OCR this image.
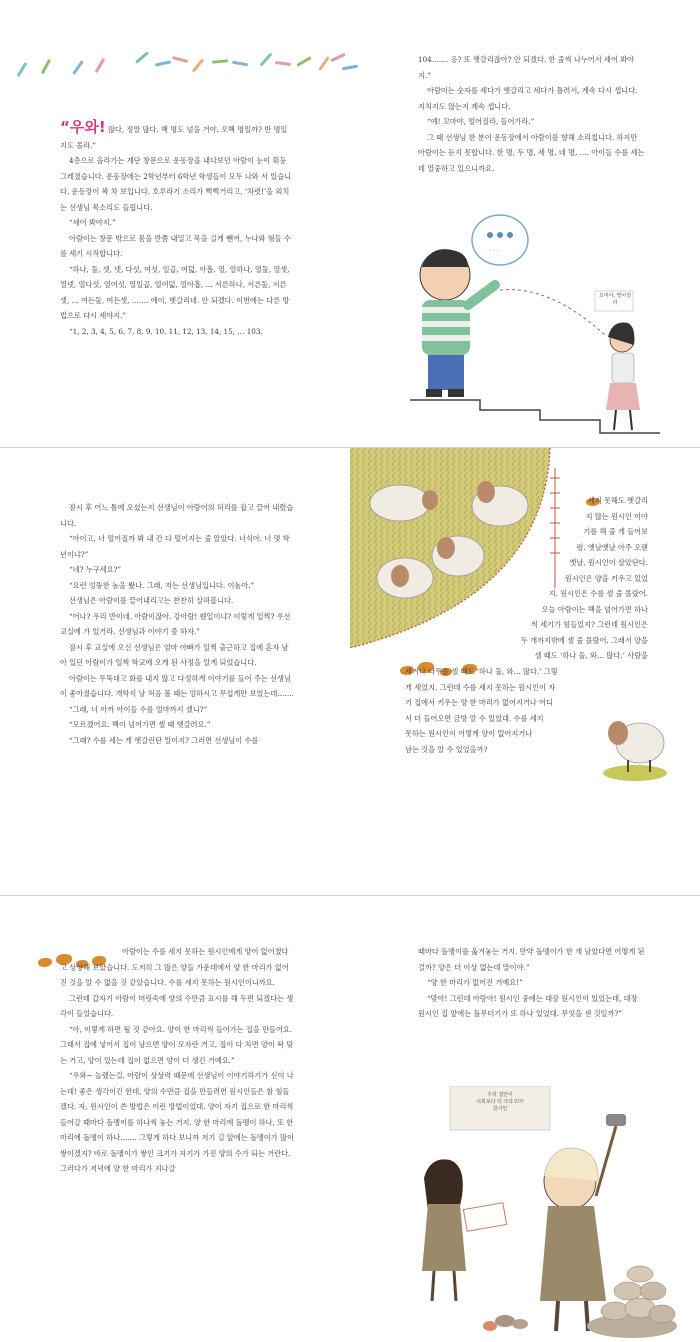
“우와! 많다, 정말 많다. 백 명도 넘을 거야. 오백 명일까? 반 명일지도 몰라.”

4층으로 올라가는 계단 창문으로 운동장을 내다보던 아람이 눈이 휘둥그레졌습니다. 운동장에는 2학년부터 6학년 학생들이 모두 나와 서 있습니다. 운동장이 꽉 차 보입니다. 호루라기 소리가 삑삑거리고, ‘차렷!’을 외치는 선생님 목소리도 들립니다.

“세어 봐야지.”

아람이는 창문 밖으로 몸을 반쯤 내밀고 목을 길게 뺀어, 누나와 형들 수를 세기 시작합니다.

“하나, 둘, 셋, 넷, 다섯, 여섯, 일곱, 여덟, 아홉, 열, 열하나, 열둘, 열셋, 열넷, 열다섯, 열여섯, 열일곱, 열여덟, 열아홉, … 서른하나, 서른둘, 서른셋, … 여든둘, 여든셋, ……. 에이, 헷갈리네. 안 되겠다. 이번에는 다른 방법으로 다시 세야지.”

“1, 2, 3, 4, 5, 6, 7, 8, 9, 10, 11, 12, 13, 14, 15, … 103,

104……. 응? 또 헷갈리잖아? 안 되겠다. 한 줄씩 나누어서 세어 봐야지.”

아람이는 숫자를 세다가 헷갈리고 세다가 틀려서, 계속 다시 셉니다. 지치지도 않는지 계속 셉니다.

“얘! 꼬마야, 떨어질라, 들어가라.”

그 때 선생님 한 분이 운동장에서 아람이를 향해 소리칩니다. 하지만 아람이는 듣지 못합니다. 한 명, 두 명, 세 명, 네 명, …. 아이들 수를 세는 데 열중하고 있으니까요.

· · · ·
꼬마야, 떨어질라

잠시 후 어느 틈에 오셨는지 선생님이 아람이의 허리를 잡고 끌어 내렸습니다.

“아이고, 너 떨어질까 봐 내 간 다 떨어지는 줄 알았다. 너석아. 너 몇 학년이냐?”

“네? 누구세요?”

“요런 엉뚱한 놈을 봤나. 그래, 저는 선생님입니다. 이놈아.”

선생님은 아람이를 끌어내리고는 찬찬히 살펴봅니다.

“어나? 우리 반이네. 아람이잖아. 강아람! 웬일이냐? 이렇게 일찍? 우선 교실에 가 있거라. 선생님과 이야기 좀 하자.”

잠시 후 교실에 오신 선생님은 엄마 아빠가 일찍 출근하고 집에 혼자 남아 있던 아람이가 일찍 학교에 오게 된 사정을 알게 되었습니다.

아람이는 무뚝대고 화를 내지 않고 다정하게 이야기를 들어 주는 선생님이 좋아졌습니다. 개학식 날 처음 볼 때는 엄하시고 무섭게만 보였는데…….

“그래, 너 아까 아이들 수를 얼마까지 셌니?”

“모르겠어요. 백이 넘어가면 셀 때 헷갈려요.”

“그래? 수를 세는 게 헷갈린단 말이지? 그러면 선생님이 수를

세지 못해도 헷갈리
지 않는 원시인 이야
기를 해 줄 게 들어보
렴. 옛날옛날 아주 오랜
옛날, 원시인이 살았단다.
원시인은 양을 키우고 있었
지. 원시인은 수를 셀 줄 몰랐어.
오늘 아람이는 백을 넘어가면 하나
씩 세기가 힘들었지? 그런데 원시인은
두 개까지밖에 셀 줄 몰랐어. 그래서 양을
셀 때도 ‘하나 둘, 와… 많다.’ 사람을
세거나 나무를 셀 때도 ‘하나 둘, 와… 많다.’ 그렇
게 세었지. 그런데 수를 세지 못하는 원시인이 자
기 집에서 키우는 양 한 마리가 없어지거나 어디
서 더 들어오면 금방 알 수 있었대. 수를 세지
못하는 원시인이 어떻게 양이 없어지거나
남는 것을 알 수 있었을까?

아람이는 수를 세지 못하는 원시인에게 양이 없어졌다고 상상해 보았습니다. 도저히 그 많은 양들 가운데에서 양 한 마리가 없어진 것을 알 수 없을 것 같았습니다. 수를 세지 못하는 원시인이니까요.

그런데 갑자기 아람이 머릿속에 양의 수만큼 표시를 해 두면 되겠다는 생각이 들었습니다.

“아, 이렇게 하면 될 것 같아요. 양이 한 마리씩 들어가는 집을 만들어요. 그래서 집에 넣어서 집이 남으면 양이 모자란 거고, 집이 다 차면 양이 딱 맞는 거고, 양이 있는데 집이 없으면 양이 더 생긴 거예요.”

“우와~ 놀랬는걸. 아람이 상상력 때문에 선생님이 이야기하기가 신이 나는데! 좋은 생각이긴 한데, 양의 수만큼 집을 만들려면 원시인들은 참 힘들겠다. 자, 원시인이 쓴 방법은 이런 방법이었대. 양이 자기 집으로 한 마리씩 들어갈 때마다 돌멩이를 하나씩 놓는 거지. 양 한 마리에 돌멩이 하나, 또 한 마리에 돌멩이 하나……. 그렇게 하다 보니까 저기 길 앞에는 돌멩이가 많이 쌓이겠지? 바로 돌멩이가 쌓인 크기가 자기가 가진 양의 수가 되는 거란다. 그러다가 저녁에 양 한 마리가 지나갈

때마다 돌멩이를 옮겨놓는 거지. 만약 돌멩이가 한 개 남았다면 어떻게 된 걸까? 양은 더 이상 없는데 말이야.”

“양 한 마리가 없어진 거예요!”

“맞아! 그런데 아람아! 원시인 중에는 대장 원시인이 있었는데, 대장 원시인 집 앞에는 돌무더기가 또 하나 있었대. 무엇을 센 것일까?”

우리 집안이
너희보다 더 크다고!!!
원시인
